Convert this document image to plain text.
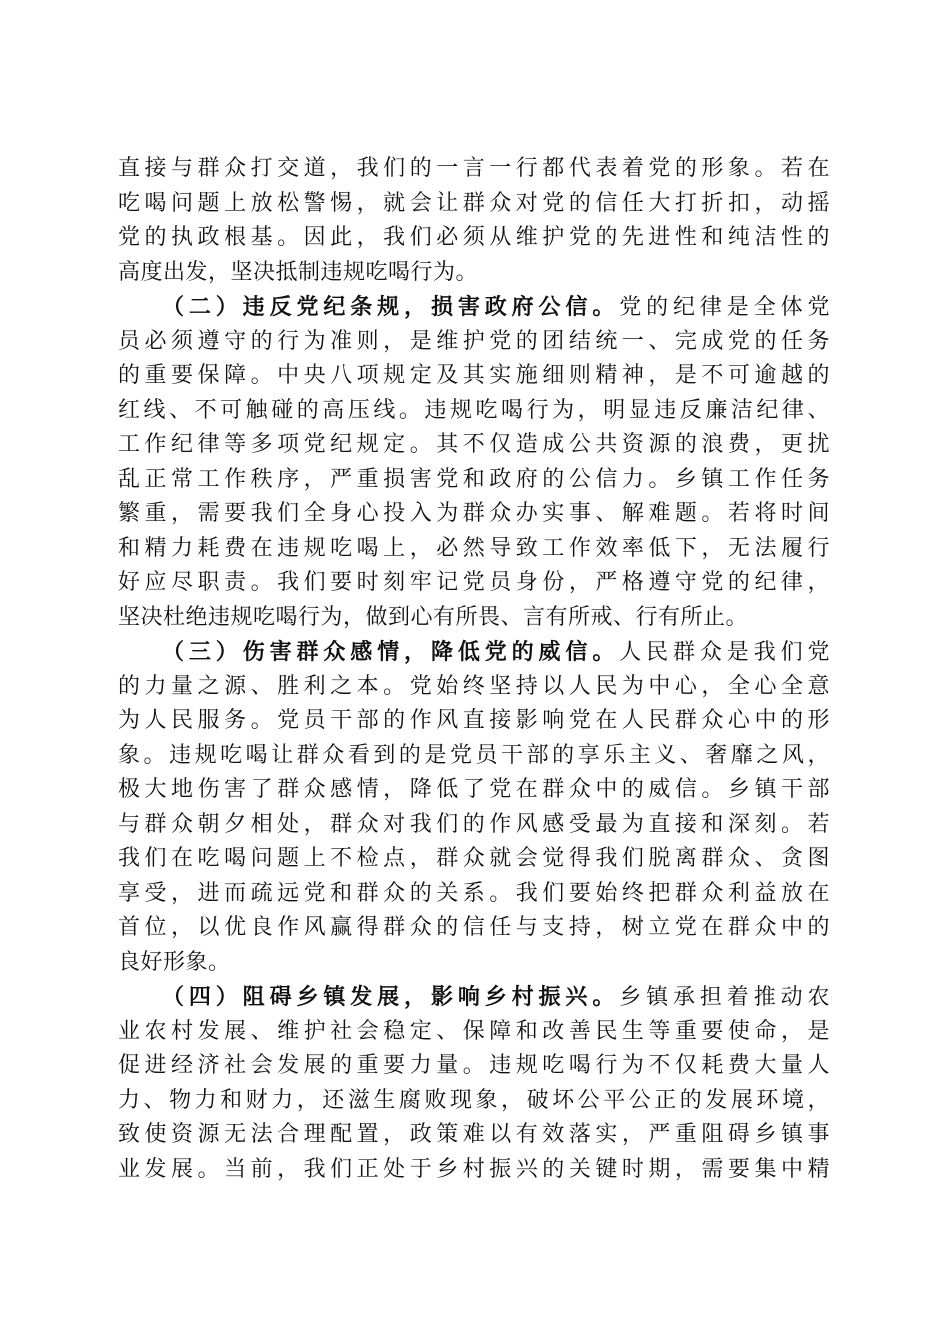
直接与群众打交道，我们的一言一行都代表着党的形象。若在
吃喝问题上放松警惕，就会让群众对党的信任大打折扣，动摇
党的执政根基。因此，我们必须从维护党的先进性和纯洁性的
高度出发，坚决抵制违规吃喝行为。
（二）违反党纪条规，损害政府公信。党的纪律是全体党
员必须遵守的行为准则，是维护党的团结统一、完成党的任务
的重要保障。中央八项规定及其实施细则精神，是不可逾越的
红线、不可触碰的高压线。违规吃喝行为，明显违反廉洁纪律、
工作纪律等多项党纪规定。其不仅造成公共资源的浪费，更扰
乱正常工作秩序，严重损害党和政府的公信力。乡镇工作任务
繁重，需要我们全身心投入为群众办实事、解难题。若将时间
和精力耗费在违规吃喝上，必然导致工作效率低下，无法履行
好应尽职责。我们要时刻牢记党员身份，严格遵守党的纪律，
坚决杜绝违规吃喝行为，做到心有所畏、言有所戒、行有所止。
（三）伤害群众感情，降低党的威信。人民群众是我们党
的力量之源、胜利之本。党始终坚持以人民为中心，全心全意
为人民服务。党员干部的作风直接影响党在人民群众心中的形
象。违规吃喝让群众看到的是党员干部的享乐主义、奢靡之风，
极大地伤害了群众感情，降低了党在群众中的威信。乡镇干部
与群众朝夕相处，群众对我们的作风感受最为直接和深刻。若
我们在吃喝问题上不检点，群众就会觉得我们脱离群众、贪图
享受，进而疏远党和群众的关系。我们要始终把群众利益放在
首位，以优良作风赢得群众的信任与支持，树立党在群众中的
良好形象。
（四）阻碍乡镇发展，影响乡村振兴。乡镇承担着推动农
业农村发展、维护社会稳定、保障和改善民生等重要使命，是
促进经济社会发展的重要力量。违规吃喝行为不仅耗费大量人
力、物力和财力，还滋生腐败现象，破坏公平公正的发展环境，
致使资源无法合理配置，政策难以有效落实，严重阻碍乡镇事
业发展。当前，我们正处于乡村振兴的关键时期，需要集中精
